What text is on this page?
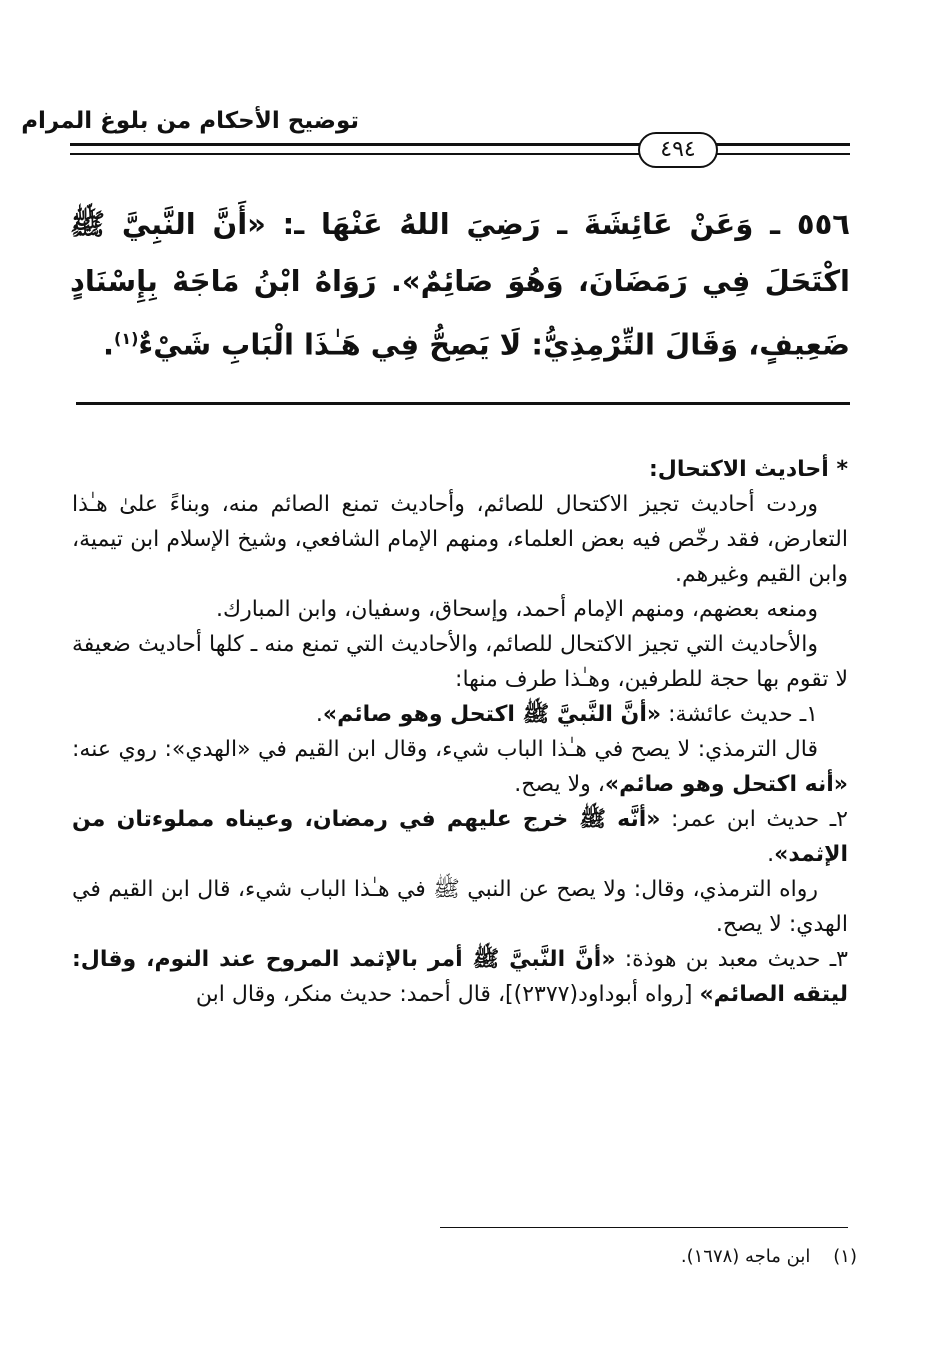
توضيح الأحكام من بلوغ المرام
٤٩٤
٥٥٦ ـ وَعَنْ عَائِشَةَ ـ رَضِيَ اللهُ عَنْهَا ـ: «أَنَّ النَّبِيَّ ﷺ اكْتَحَلَ فِي رَمَضَانَ، وَهُوَ صَائِمٌ». رَوَاهُ ابْنُ مَاجَهْ بِإِسْنَادٍ ضَعِيفٍ، وَقَالَ التِّرْمِذِيُّ: لَا يَصِحُّ فِي هَـٰذَا الْبَابِ شَيْءٌ$^{(١)}$.

* أحاديث الاكتحال:

وردت أحاديث تجيز الاكتحال للصائم، وأحاديث تمنع الصائم منه، وبناءً علىٰ هـٰذا التعارض، فقد رخّص فيه بعض العلماء، ومنهم الإمام الشافعي، وشيخ الإسلام ابن تيمية، وابن القيم وغيرهم.

ومنعه بعضهم، ومنهم الإمام أحمد، وإسحاق، وسفيان، وابن المبارك.

والأحاديث التي تجيز الاكتحال للصائم، والأحاديث التي تمنع منه ـ كلها أحاديث ضعيفة لا تقوم بها حجة للطرفين، وهـٰذا طرف منها:

١ـ حديث عائشة: «أنَّ النَّبيَّ ﷺ اكتحل وهو صائم».

قال الترمذي: لا يصح في هـٰذا الباب شيء، وقال ابن القيم في «الهدي»: روي عنه: «أنه اكتحل وهو صائم»، ولا يصح.

٢ـ حديث ابن عمر: «أنَّه ﷺ خرج عليهم في رمضان، وعيناه مملوءتان من الإثمد».

رواه الترمذي، وقال: ولا يصح عن النبي ﷺ في هـٰذا الباب شيء، قال ابن القيم في الهدي: لا يصح.

٣ـ حديث معبد بن هوذة: «أنَّ النَّبيَّ ﷺ أمر بالإثمد المروح عند النوم، وقال: ليتقه الصائم» [رواه أبوداود(٢٣٧٧)]، قال أحمد: حديث منكر، وقال ابن

(١)    ابن ماجه (١٦٧٨).
